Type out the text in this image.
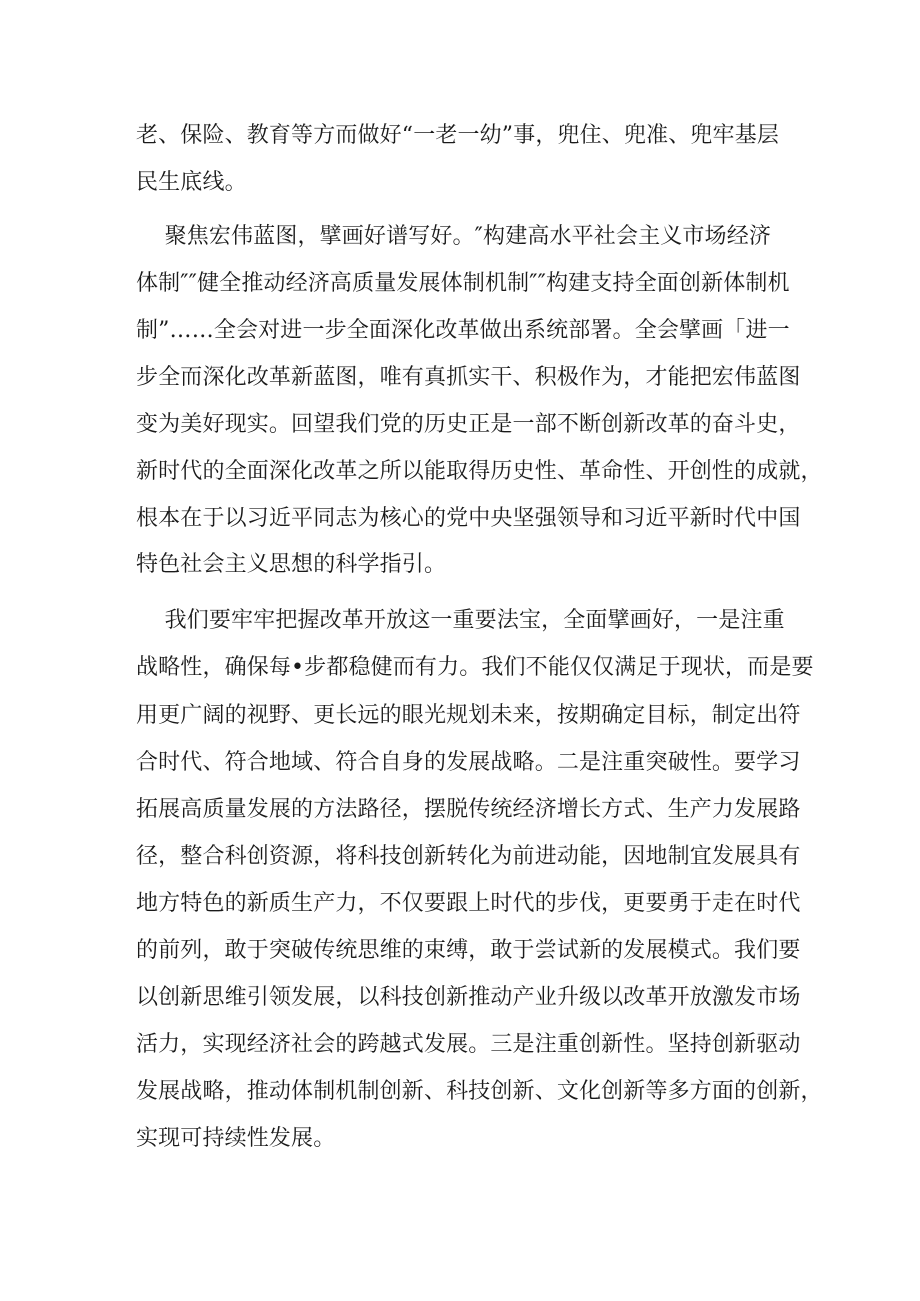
老、保险、教育等方而做好“一老一幼”事，兜住、兜准、兜牢基层
民生底线。
聚焦宏伟蓝图，擘画好谱写好。″构建高水平社会主义市场经济
体制″″健全推动经济高质量发展体制机制″″构建支持全面创新体制机
制”……全会对进一步全面深化改革做出系统部署。全会擘画「进一
步全而深化改革新蓝图，唯有真抓实干、积极作为，才能把宏伟蓝图
变为美好现实。回望我们党的历史正是一部不断创新改革的奋斗史，
新时代的全面深化改革之所以能取得历史性、革命性、开创性的成就，
根本在于以习近平同志为核心的党中央坚强领导和习近平新时代中国
特色社会主义思想的科学指引。
我们要牢牢把握改革开放这一重要法宝，全面擘画好，一是注重
战略性，确保每•步都稳健而有力。我们不能仅仅满足于现状，而是要
用更广阔的视野、更长远的眼光规划未来，按期确定目标，制定出符
合时代、符合地域、符合自身的发展战略。二是注重突破性。要学习
拓展高质量发展的方法路径，摆脱传统经济增长方式、生产力发展路
径，整合科创资源，将科技创新转化为前进动能，因地制宜发展具有
地方特色的新质生产力，不仅要跟上时代的步伐，更要勇于走在时代
的前列，敢于突破传统思维的束缚，敢于尝试新的发展模式。我们要
以创新思维引领发展，以科技创新推动产业升级以改革开放激发市场
活力，实现经济社会的跨越式发展。三是注重创新性。坚持创新驱动
发展战略，推动体制机制创新、科技创新、文化创新等多方面的创新，
实现可持续性发展。
